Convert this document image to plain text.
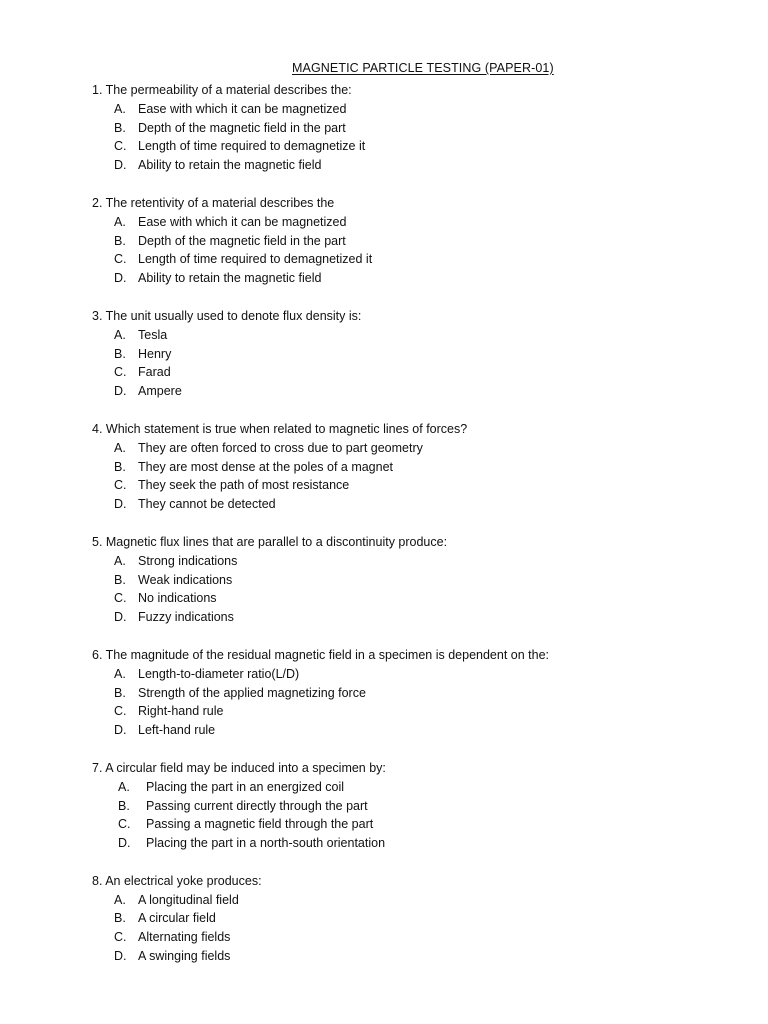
MAGNETIC PARTICLE TESTING (PAPER-01)
1. The permeability of a material describes the:
A. Ease with which it can be magnetized
B. Depth of the magnetic field in the part
C. Length of time required to demagnetize it
D. Ability to retain the magnetic field
2. The retentivity of a material describes the
A. Ease with which it can be magnetized
B. Depth of the magnetic field in the part
C. Length of time required to demagnetized it
D. Ability to retain the magnetic field
3. The unit usually used to denote flux density is:
A. Tesla
B. Henry
C. Farad
D. Ampere
4. Which statement is true when related to magnetic lines of forces?
A. They are often forced to cross due to part geometry
B. They are most dense at the poles of a magnet
C. They seek the path of most resistance
D. They cannot be detected
5. Magnetic flux lines that are parallel to a discontinuity produce:
A. Strong indications
B. Weak indications
C. No indications
D. Fuzzy indications
6. The magnitude of the residual magnetic field in a specimen is dependent on the:
A. Length-to-diameter ratio(L/D)
B. Strength of the applied magnetizing force
C. Right-hand rule
D. Left-hand rule
7. A circular field may be induced into a specimen by:
A.	Placing the part in an energized coil
B.	Passing current directly through the part
C.	Passing a magnetic field through the part
D.	Placing the part in a north-south orientation
8. An electrical yoke produces:
A. A longitudinal field
B. A circular field
C. Alternating fields
D. A swinging fields
